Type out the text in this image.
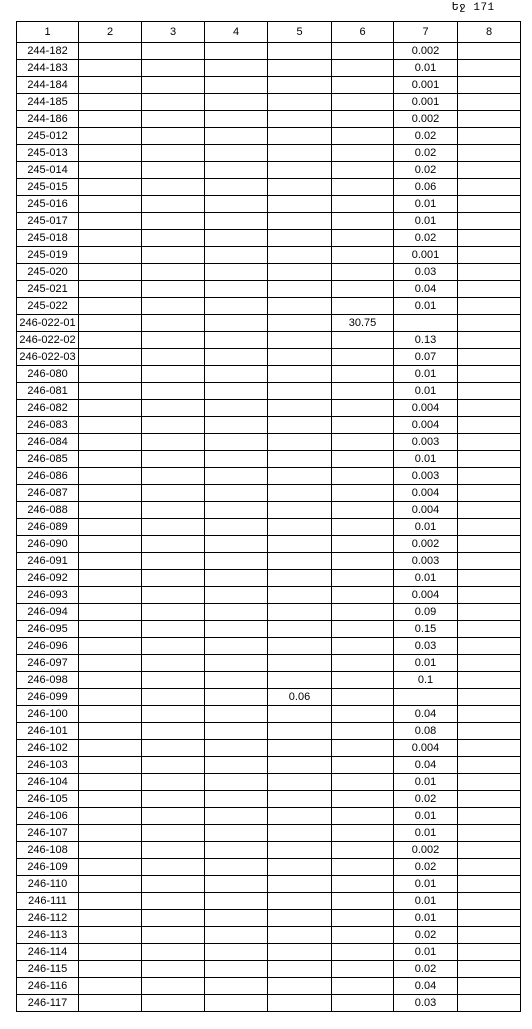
Եջ 171
1	2	3	4	5	6	7	8
244-182						0.002	
244-183						0.01	
244-184						0.001	
244-185						0.001	
244-186						0.002	
245-012						0.02	
245-013						0.02	
245-014						0.02	
245-015						0.06	
245-016						0.01	
245-017						0.01	
245-018						0.02	
245-019						0.001	
245-020						0.03	
245-021						0.04	
245-022						0.01	
246-022-01					30.75		
246-022-02						0.13	
246-022-03						0.07	
246-080						0.01	
246-081						0.01	
246-082						0.004	
246-083						0.004	
246-084						0.003	
246-085						0.01	
246-086						0.003	
246-087						0.004	
246-088						0.004	
246-089						0.01	
246-090						0.002	
246-091						0.003	
246-092						0.01	
246-093						0.004	
246-094						0.09	
246-095						0.15	
246-096						0.03	
246-097						0.01	
246-098						0.1	
246-099				0.06			
246-100						0.04	
246-101						0.08	
246-102						0.004	
246-103						0.04	
246-104						0.01	
246-105						0.02	
246-106						0.01	
246-107						0.01	
246-108						0.002	
246-109						0.02	
246-110						0.01	
246-111						0.01	
246-112						0.01	
246-113						0.02	
246-114						0.01	
246-115						0.02	
246-116						0.04	
246-117						0.03	
